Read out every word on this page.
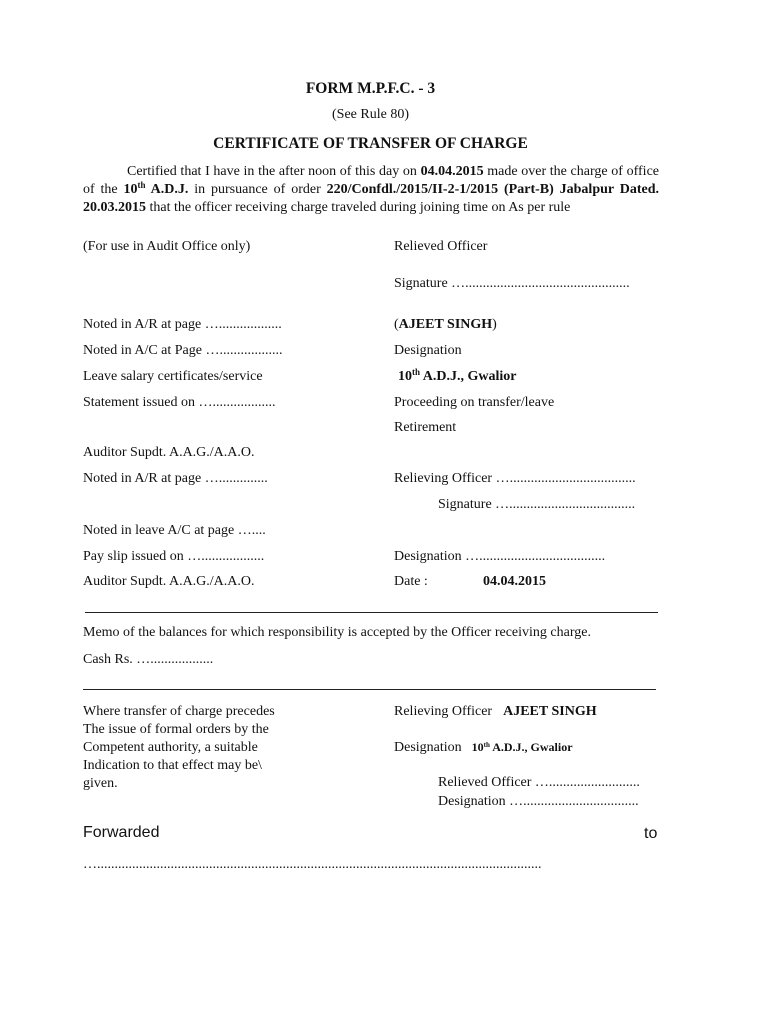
FORM M.P.F.C. - 3
(See Rule 80)
CERTIFICATE OF TRANSFER OF CHARGE
Certified that I have in the after noon of this day on 04.04.2015 made over the charge of office of the 10th A.D.J. in pursuance of order 220/Confdl./2015/II-2-1/2015 (Part-B) Jabalpur Dated. 20.03.2015 that the officer receiving charge traveled during joining time on As per rule
(For use in Audit Office only)
Noted in A/R at page …..................
Noted in A/C at Page …..................
Leave salary certificates/service
Statement issued on …..................
Auditor Supdt. A.A.G./A.A.O.
Noted in A/R at page …..............
Noted in leave A/C at page …....
Pay slip issued on …..................
Auditor Supdt. A.A.G./A.A.O.
Relieved Officer
Signature …...............................................
(AJEET SINGH)
Designation
10th A.D.J., Gwalior
Proceeding on transfer/leave
Retirement
Relieving Officer …....................................
Signature …....................................
Designation …....................................
Date :	04.04.2015
Memo of the balances for which responsibility is accepted by the Officer receiving charge.
Cash Rs. …..................
Where transfer of charge precedes
The issue of formal orders by the
Competent authority, a suitable
Indication to that effect may be\
given.
Relieving Officer AJEET SINGH
Designation 10th A.D.J., Gwalior
Relieved Officer …..........................
Designation ….................................
Forwarded	to
…...............................................................................................................................
